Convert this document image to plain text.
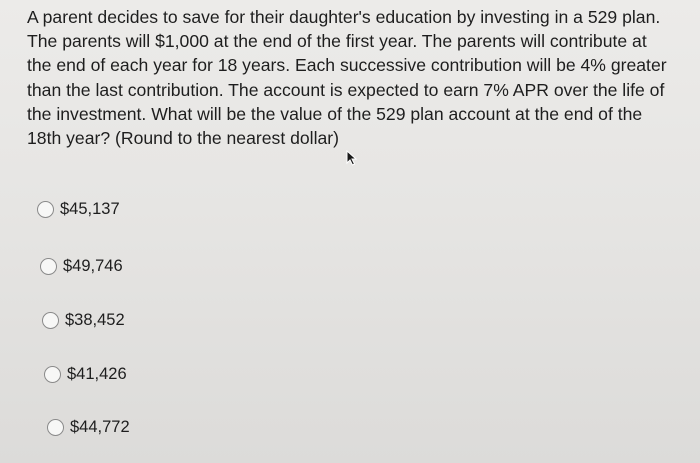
A parent decides to save for their daughter's education by investing in a 529 plan.
The parents will $1,000 at the end of the first year. The parents will contribute at
the end of each year for 18 years. Each successive contribution will be 4% greater
than the last contribution. The account is expected to earn 7% APR over the life of
the investment. What will be the value of the 529 plan account at the end of the
18th year? (Round to the nearest dollar)

$45,137
$49,746
$38,452
$41,426
$44,772
